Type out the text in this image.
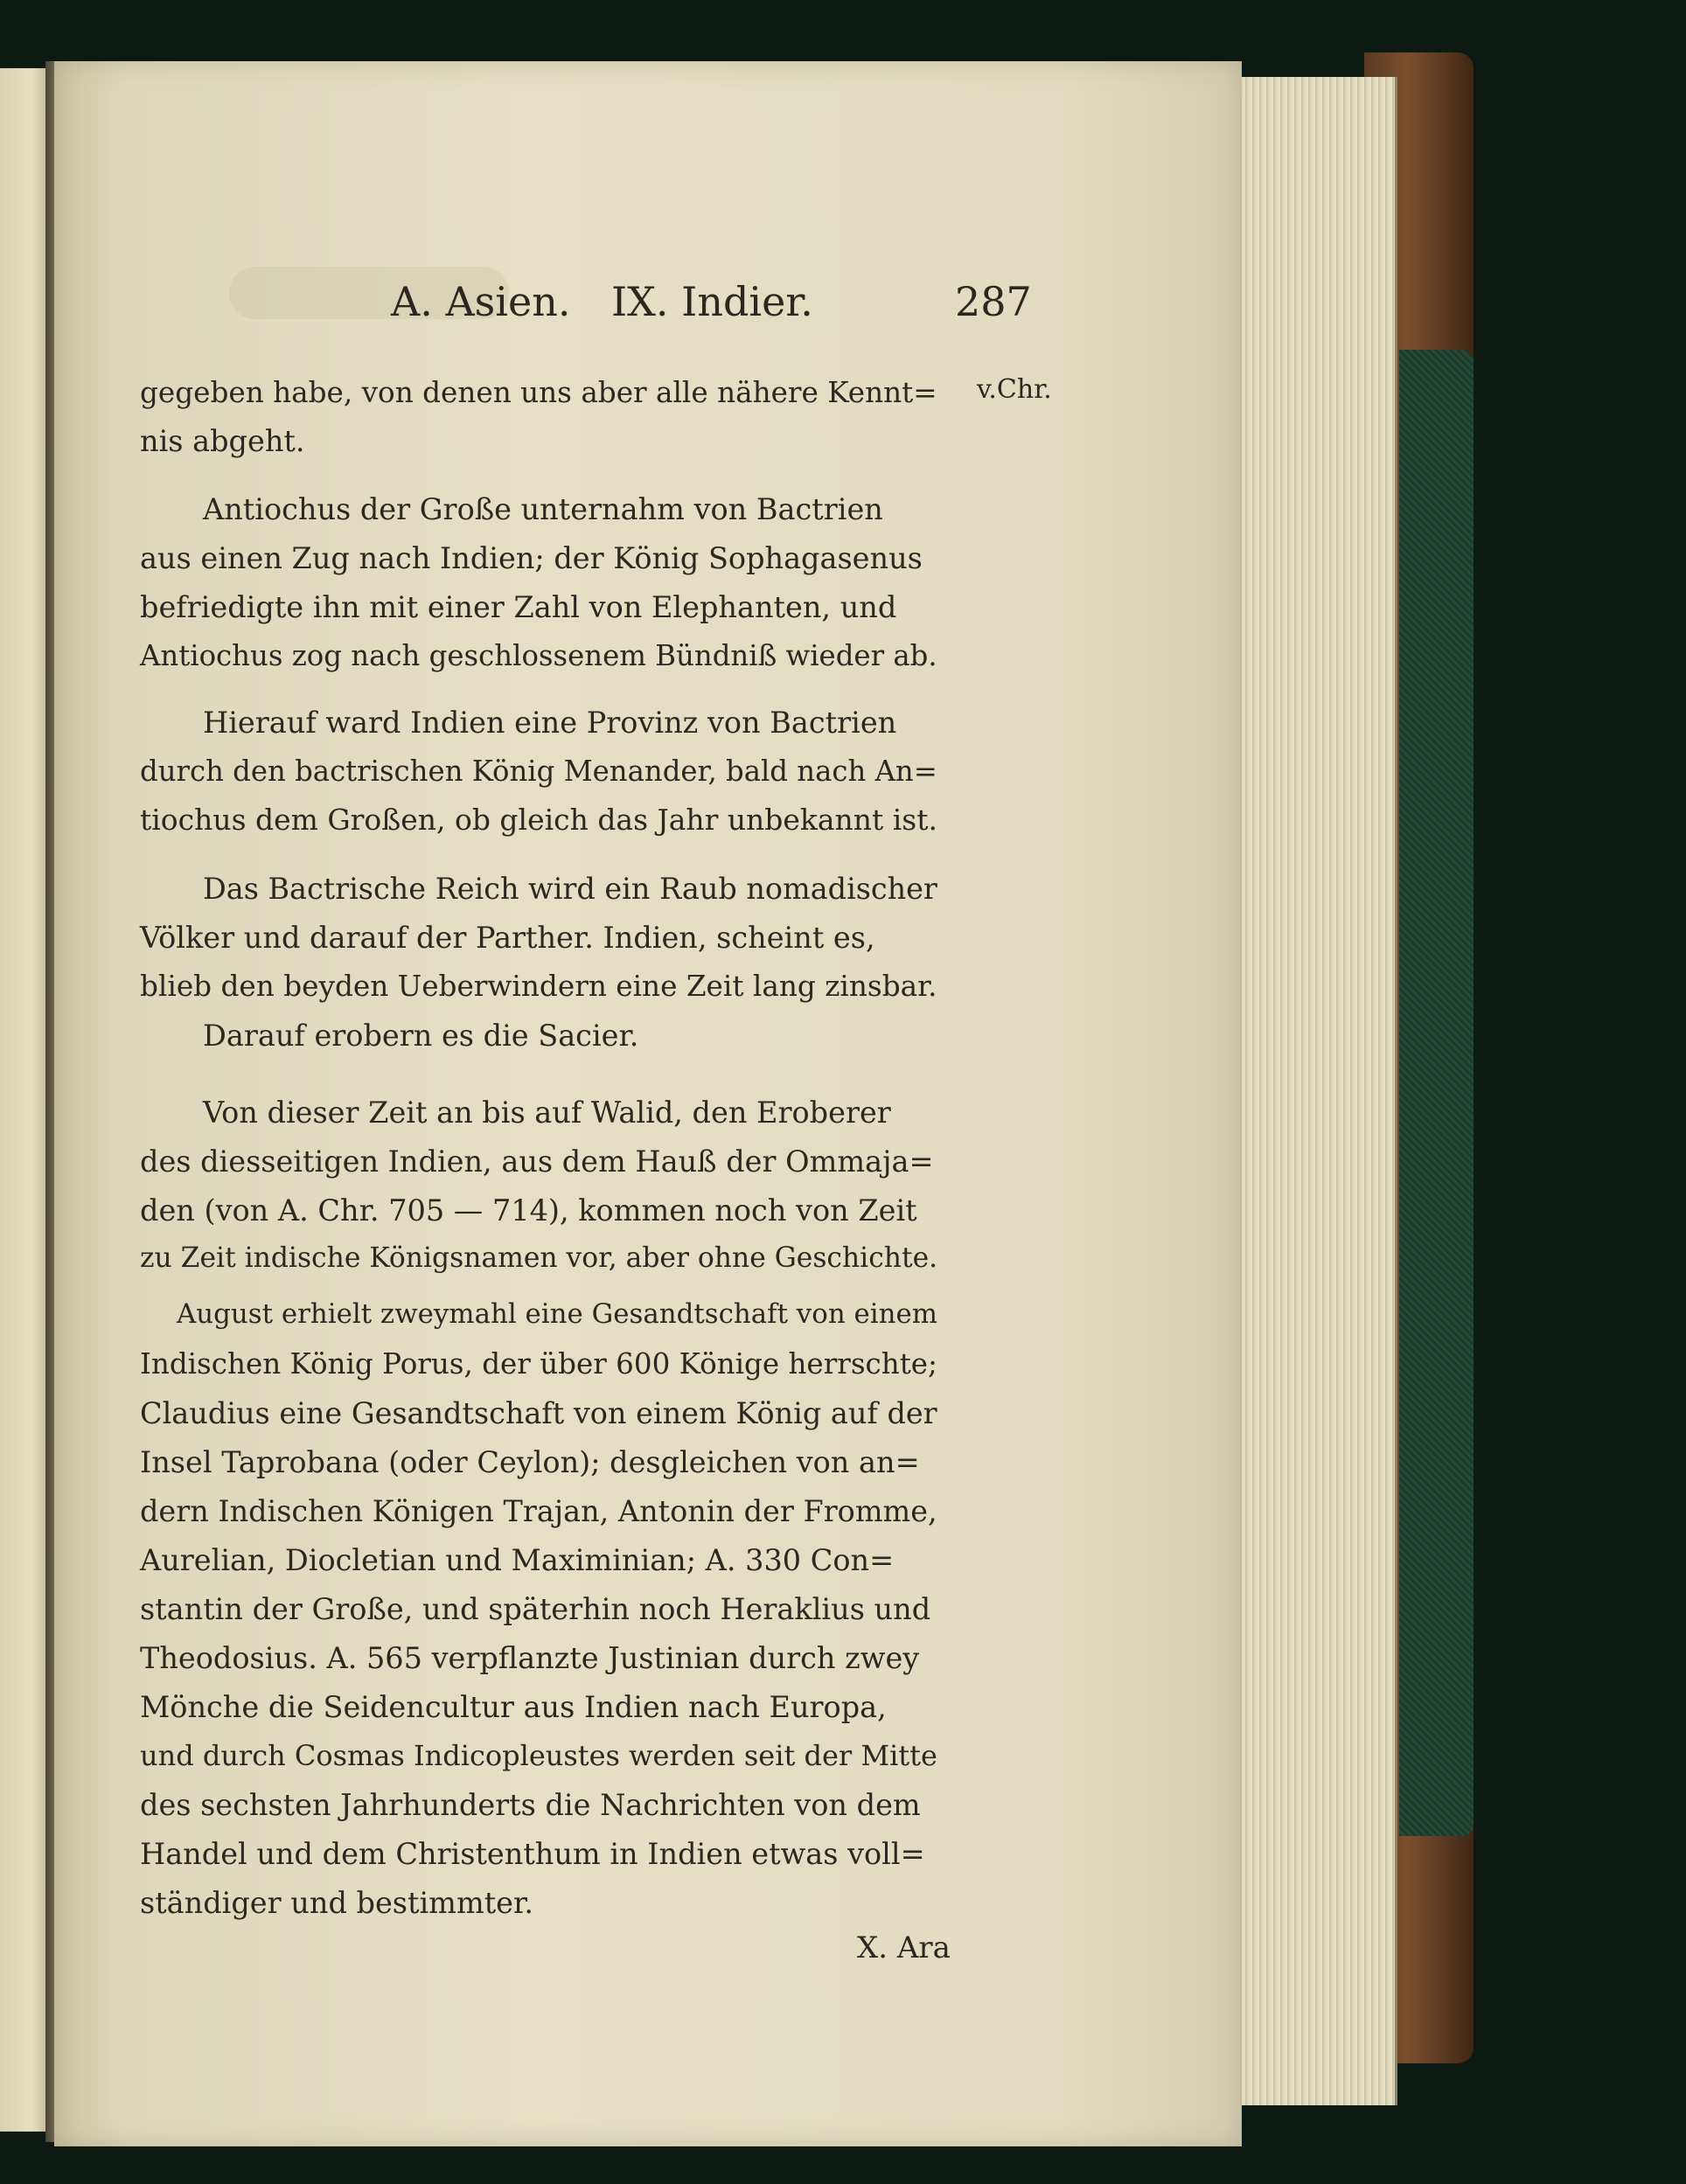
A. Asien. IX. Indier.	287
v.Chr.
gegeben habe, von denen uns aber alle nähere Kennt=
nis abgeht.
Antiochus der Große unternahm von Bactrien
aus einen Zug nach Indien; der König Sophagasenus
befriedigte ihn mit einer Zahl von Elephanten, und
Antiochus zog nach geschlossenem Bündniß wieder ab.
Hierauf ward Indien eine Provinz von Bactrien
durch den bactrischen König Menander, bald nach An=
tiochus dem Großen, ob gleich das Jahr unbekannt ist.
Das Bactrische Reich wird ein Raub nomadischer
Völker und darauf der Parther. Indien, scheint es,
blieb den beyden Ueberwindern eine Zeit lang zinsbar.
Darauf erobern es die Sacier.
Von dieser Zeit an bis auf Walid, den Eroberer
des diesseitigen Indien, aus dem Hauß der Ommaja=
den (von A. Chr. 705 — 714), kommen noch von Zeit
zu Zeit indische Königsnamen vor, aber ohne Geschichte.
August erhielt zweymahl eine Gesandtschaft von einem
Indischen König Porus, der über 600 Könige herrschte;
Claudius eine Gesandtschaft von einem König auf der
Insel Taprobana (oder Ceylon); desgleichen von an=
dern Indischen Königen Trajan, Antonin der Fromme,
Aurelian, Diocletian und Maximinian; A. 330 Con=
stantin der Große, und späterhin noch Heraklius und
Theodosius. A. 565 verpflanzte Justinian durch zwey
Mönche die Seidencultur aus Indien nach Europa,
und durch Cosmas Indicopleustes werden seit der Mitte
des sechsten Jahrhunderts die Nachrichten von dem
Handel und dem Christenthum in Indien etwas voll=
ständiger und bestimmter.
X. Ara
